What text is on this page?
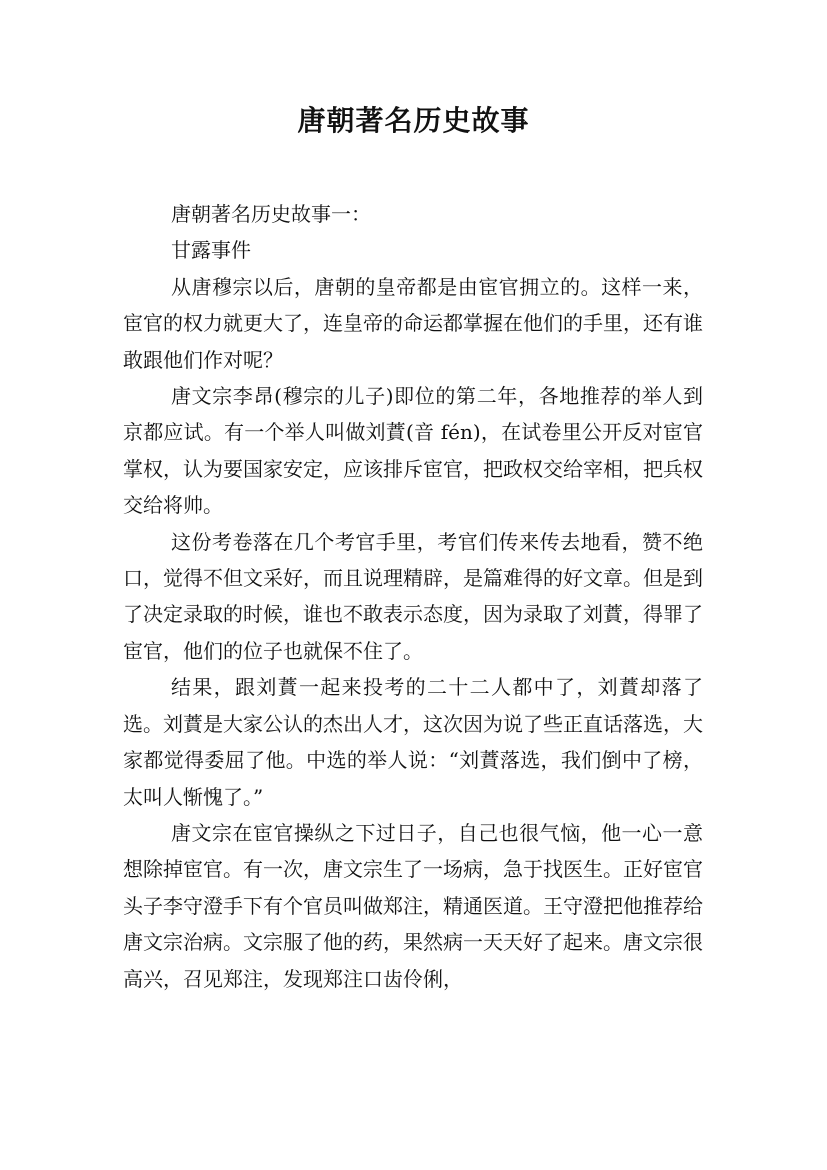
唐朝著名历史故事

唐朝著名历史故事一：

甘露事件

从唐穆宗以后，唐朝的皇帝都是由宦官拥立的。这样一来，宦官的权力就更大了，连皇帝的命运都掌握在他们的手里，还有谁敢跟他们作对呢？

唐文宗李昂(穆宗的儿子)即位的第二年，各地推荐的举人到京都应试。有一个举人叫做刘蕡(音 fén)，在试卷里公开反对宦官掌权，认为要国家安定，应该排斥宦官，把政权交给宰相，把兵权交给将帅。

这份考卷落在几个考官手里，考官们传来传去地看，赞不绝口，觉得不但文采好，而且说理精辟，是篇难得的好文章。但是到了决定录取的时候，谁也不敢表示态度，因为录取了刘蕡，得罪了宦官，他们的位子也就保不住了。

结果，跟刘蕡一起来投考的二十二人都中了，刘蕡却落了选。刘蕡是大家公认的杰出人才，这次因为说了些正直话落选，大家都觉得委屈了他。中选的举人说：“刘蕡落选，我们倒中了榜，太叫人惭愧了。”

唐文宗在宦官操纵之下过日子，自己也很气恼，他一心一意想除掉宦官。有一次，唐文宗生了一场病，急于找医生。正好宦官头子李守澄手下有个官员叫做郑注，精通医道。王守澄把他推荐给唐文宗治病。文宗服了他的药，果然病一天天好了起来。唐文宗很高兴，召见郑注，发现郑注口齿伶俐，
